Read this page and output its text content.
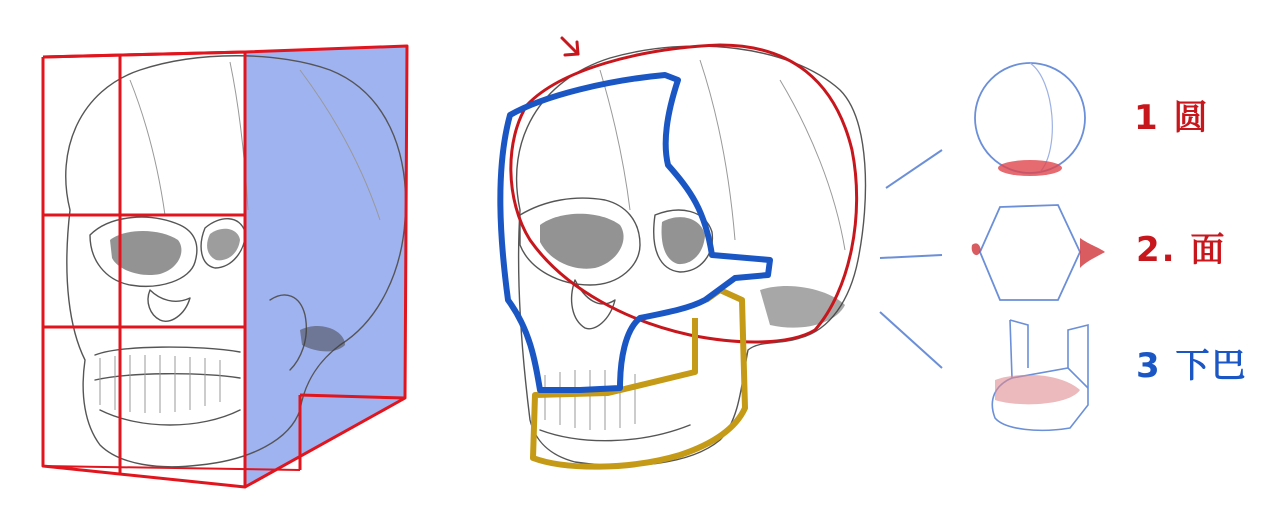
1 圆
2. 面
3 下巴
